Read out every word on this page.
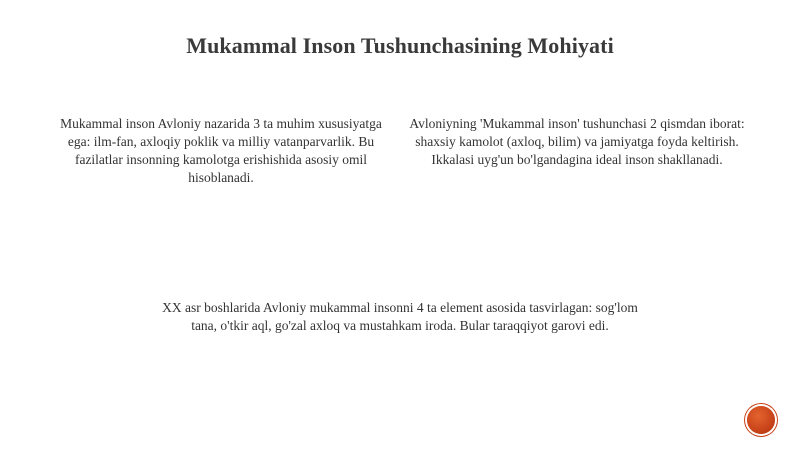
Mukammal Inson Tushunchasining Mohiyati
Mukammal inson Avloniy nazarida 3 ta muhim xususiyatga ega: ilm-fan, axloqiy poklik va milliy vatanparvarlik. Bu fazilatlar insonning kamolotga erishishida asosiy omil hisoblanadi.
Avloniyning 'Mukammal inson' tushunchasi 2 qismdan iborat: shaxsiy kamolot (axloq, bilim) va jamiyatga foyda keltirish. Ikkalasi uyg'un bo'lgandagina ideal inson shakllanadi.
XX asr boshlarida Avloniy mukammal insonni 4 ta element asosida tasvirlagan: sog'lom tana, o'tkir aql, go'zal axloq va mustahkam iroda. Bular taraqqiyot garovi edi.
